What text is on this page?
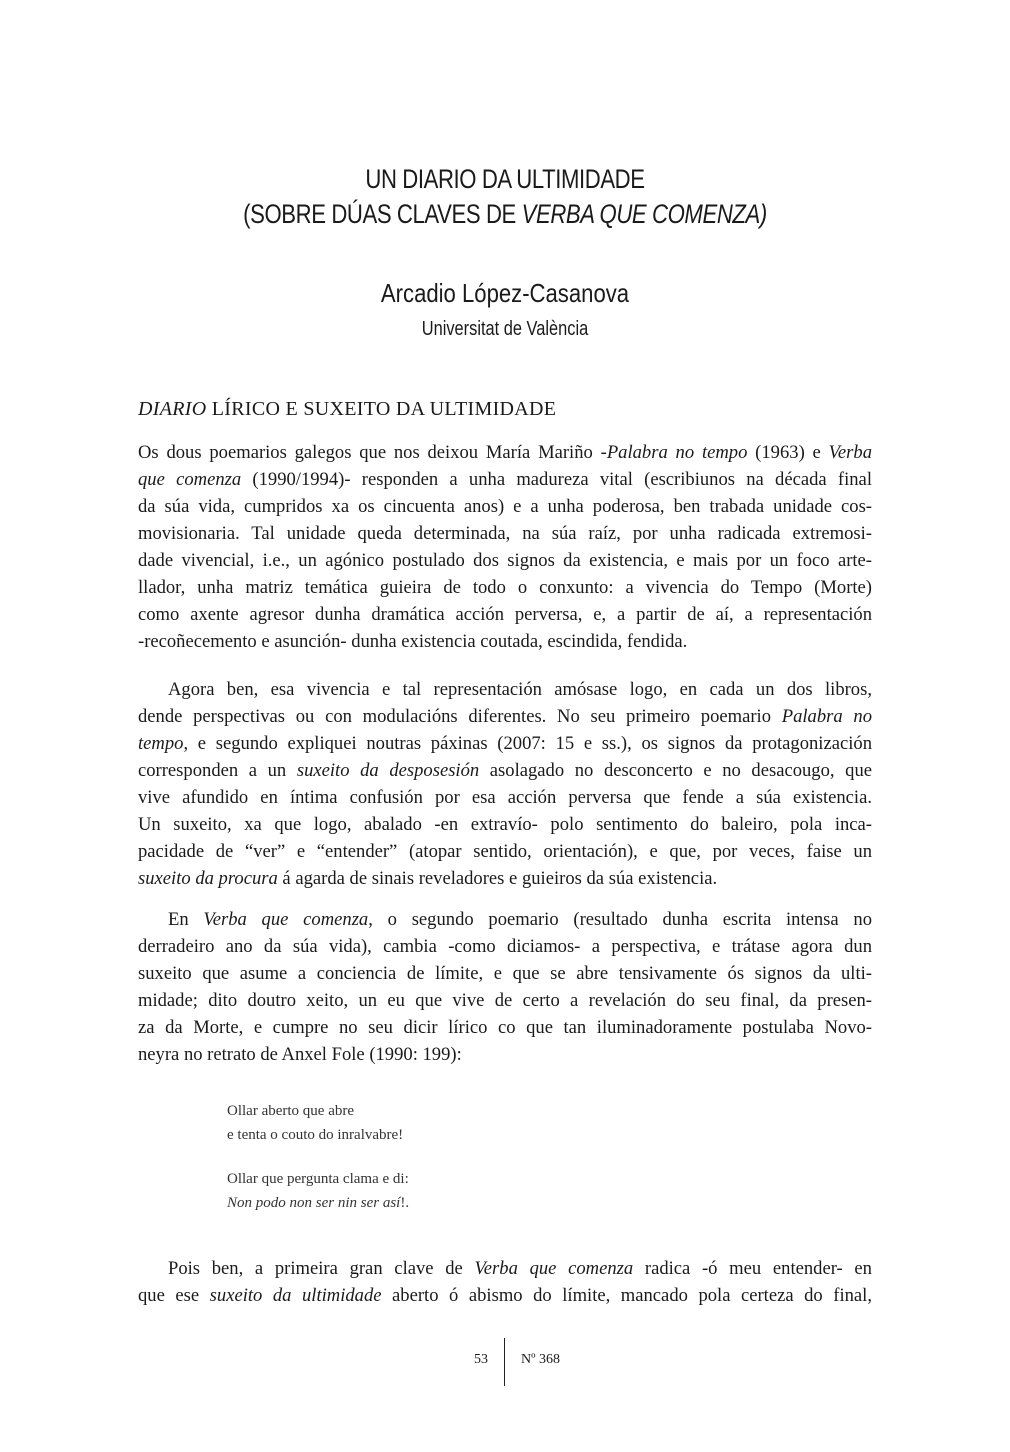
UN DIARIO DA ULTIMIDADE
(SOBRE DÚAS CLAVES DE VERBA QUE COMENZA)
Arcadio López-Casanova
Universitat de València
DIARIO LÍRICO E SUXEITO DA ULTIMIDADE
Os dous poemarios galegos que nos deixou María Mariño -Palabra no tempo (1963) e Verba
que comenza (1990/1994)- responden a unha madureza vital (escribiunos na década final
da súa vida, cumpridos xa os cincuenta anos) e a unha poderosa, ben trabada unidade cos-
movisionaria. Tal unidade queda determinada, na súa raíz, por unha radicada extremosi-
dade vivencial, i.e., un agónico postulado dos signos da existencia, e mais por un foco arte-
llador, unha matriz temática guieira de todo o conxunto: a vivencia do Tempo (Morte)
como axente agresor dunha dramática acción perversa, e, a partir de aí, a representación
-recoñecemento e asunción- dunha existencia coutada, escindida, fendida.
Agora ben, esa vivencia e tal representación amósase logo, en cada un dos libros,
dende perspectivas ou con modulacións diferentes. No seu primeiro poemario Palabra no
tempo, e segundo expliquei noutras páxinas (2007: 15 e ss.), os signos da protagonización
corresponden a un suxeito da desposesión asolagado no desconcerto e no desacougo, que
vive afundido en íntima confusión por esa acción perversa que fende a súa existencia.
Un suxeito, xa que logo, abalado -en extravío- polo sentimento do baleiro, pola inca-
pacidade de “ver” e “entender” (atopar sentido, orientación), e que, por veces, faise un
suxeito da procura á agarda de sinais reveladores e guieiros da súa existencia.
En Verba que comenza, o segundo poemario (resultado dunha escrita intensa no
derradeiro ano da súa vida), cambia -como diciamos- a perspectiva, e trátase agora dun
suxeito que asume a conciencia de límite, e que se abre tensivamente ós signos da ulti-
midade; dito doutro xeito, un eu que vive de certo a revelación do seu final, da presen-
za da Morte, e cumpre no seu dicir lírico co que tan iluminadoramente postulaba Novo-
neyra no retrato de Anxel Fole (1990: 199):
Pois ben, a primeira gran clave de Verba que comenza radica -ó meu entender- en
que ese suxeito da ultimidade aberto ó abismo do límite, mancado pola certeza do final,
Ollar aberto que abre
e tenta o couto do inralvabre!
Ollar que pergunta clama e di:
Non podo non ser nin ser así!.
53 Nº 368
